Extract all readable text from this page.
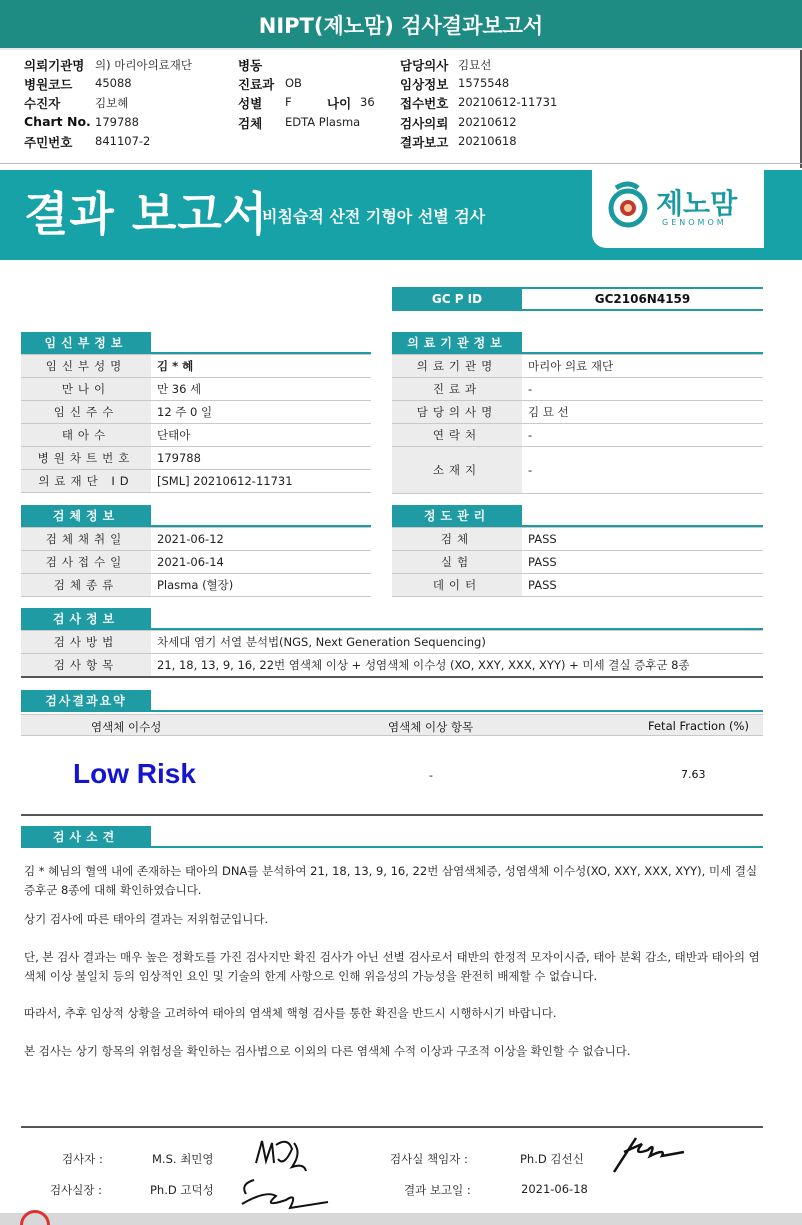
NIPT(제노맘) 검사결과보고서
의뢰기관명 의) 마리아의료재단
병원코드 45088
수진자	김보혜
Chart No. 179788
주민번호 841107-2
병동
진료과 OB
성별 F	나이 36
검체 EDTA Plasma
담당의사 김묘선
임상정보 1575548
접수번호 20210612-11731
검사의뢰 20210612
결과보고 20210618
결과 보고서
비침습적 산전 기형아 선별 검사	제노맘
GENOMOM
GC P ID	GC2106N4159
임신부정보	의료기관정보
임신부성명	김 * 혜
만나이	만 36 세
임신주수	12 주 0 일
태아수	단태아
병원차트번호	179788
의료재단 ID	[SML] 20210612-11731
의료기관명	마리아 의료 재단
진료과	-
담당의사명	김 묘 선
연락처	-
소재지	-
검체정보	정도관리
검체채취일	2021-06-12
검사접수일	2021-06-14
검체종류	Plasma (혈장)
검체	PASS
실험	PASS
데이터	PASS
검사정보
검사방법	차세대 염기 서열 분석법(NGS, Next Generation Sequencing)
검사항목	21, 18, 13, 9, 16, 22번 염색체 이상 + 성염색체 이수성 (XO, XXY, XXX, XYY) + 미세 결실 증후군 8종
검사결과요약
염색체 이수성	염색체 이상 항목	Fetal Fraction (%)
Low Risk	-	7.63
검사소견

김 * 혜님의 혈액 내에 존재하는 태아의 DNA를 분석하여 21, 18, 13, 9, 16, 22번 삼염색체증, 성염색체 이수성(XO, XXY, XXX, XYY), 미세 결실 증후군 8종에 대해 확인하였습니다.

상기 검사에 따른 태아의 결과는 저위험군입니다.

단, 본 검사 결과는 매우 높은 정확도를 가진 검사지만 확진 검사가 아닌 선별 검사로서 태반의 한정적 모자이시즘, 태아 분획 감소, 태반과 태아의 염색체 이상 불일치 등의 임상적인 요인 및 기술의 한계 사항으로 인해 위음성의 가능성을 완전히 배제할 수 없습니다.

따라서, 추후 임상적 상황을 고려하여 태아의 염색체 핵형 검사를 통한 확진을 반드시 시행하시기 바랍니다.

본 검사는 상기 항목의 위험성을 확인하는 검사법으로 이외의 다른 염색체 수적 이상과 구조적 이상을 확인할 수 없습니다.

검사자 :	M.S. 최민영	검사실 책임자 :	Ph.D 김선신
검사실장 :	Ph.D 고덕성	결과 보고일 :	2021-06-18
